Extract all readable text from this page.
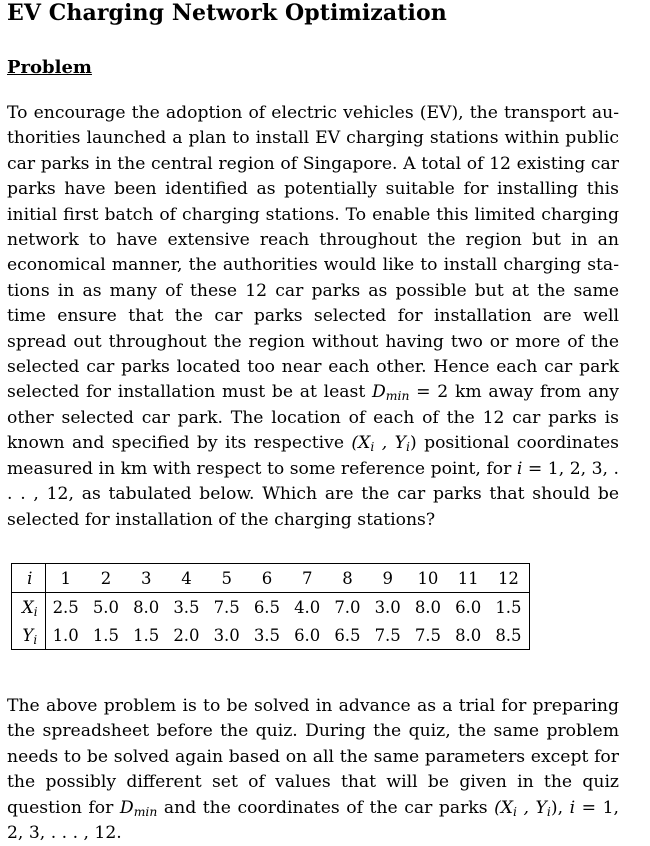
EV Charging Network Optimization
Problem

To encourage the adoption of electric vehicles (EV), the transport authorities launched a plan to install EV charging stations within public car parks in the central region of Singapore. A total of 12 existing car parks have been identified as potentially suitable for installing this initial first batch of charging stations. To enable this limited charging network to have extensive reach throughout the region but in an economical manner, the authorities would like to install charging stations in as many of these 12 car parks as possible but at the same time ensure that the car parks selected for installation are well spread out throughout the region without having two or more of the selected car parks located too near each other. Hence each car park selected for installation must be at least $D_{min} = 2$ km away from any other selected car park. The location of each of the 12 car parks is known and specified by its respective ($X_i$ , $Y_i$) positional coordinates measured in km with respect to some reference point, for i = 1, 2, 3, . . . , 12, as tabulated below. Which are the car parks that should be selected for installation of the charging stations?

i	1	2	3	4	5	6	7	8	9	10	11	12
$X_i$	2.5	5.0	8.0	3.5	7.5	6.5	4.0	7.0	3.0	8.0	6.0	1.5
$Y_i$	1.0	1.5	1.5	2.0	3.0	3.5	6.0	6.5	7.5	7.5	8.0	8.5

The above problem is to be solved in advance as a trial for preparing the spreadsheet before the quiz. During the quiz, the same problem needs to be solved again based on all the same parameters except for the possibly different set of values that will be given in the quiz question for $D_{min}$ and the coordinates of the car parks ($X_i$ , $Y_i$), i = 1, 2, 3, . . . , 12.
